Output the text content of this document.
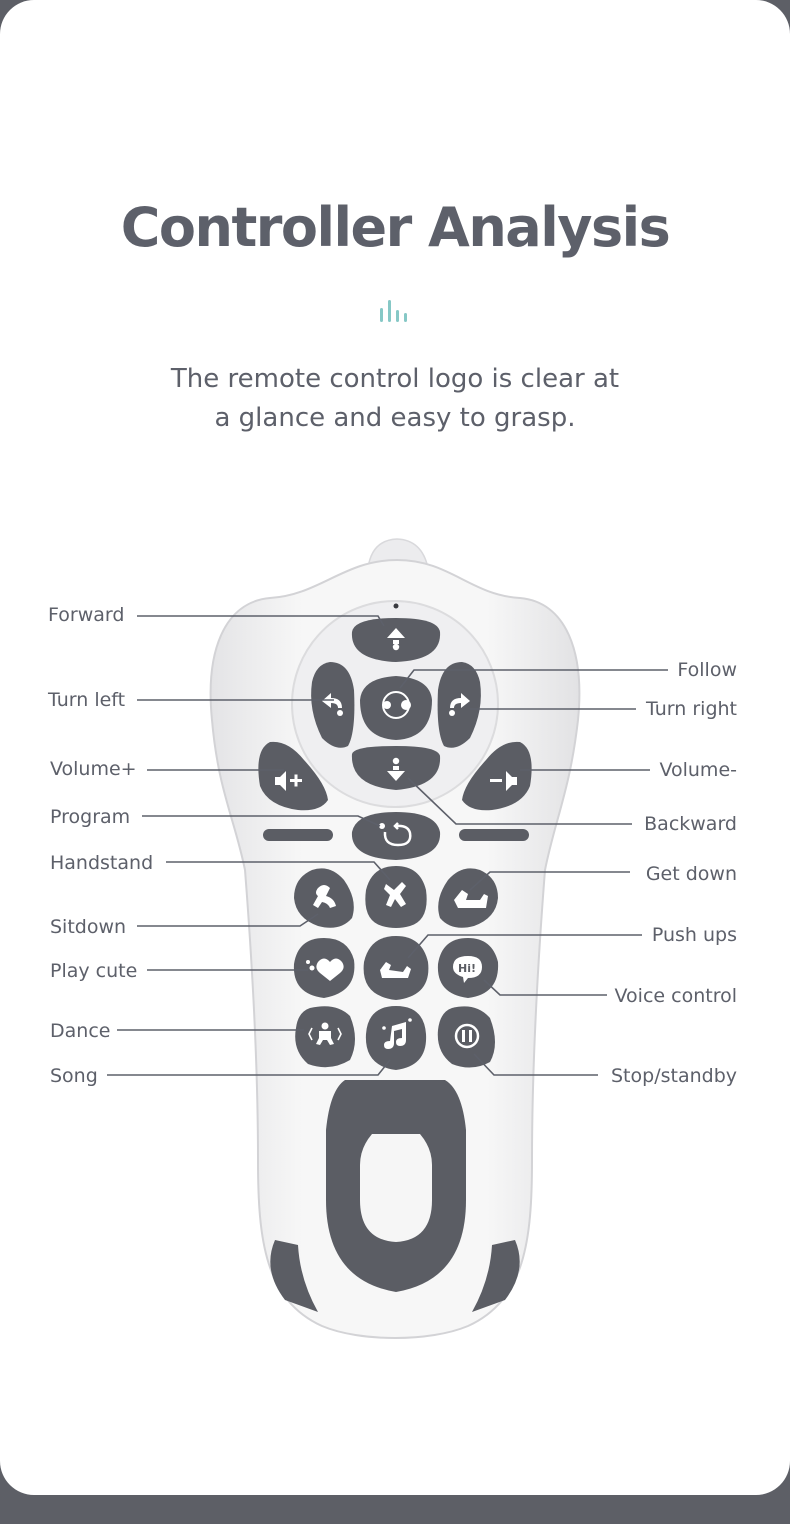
Controller Analysis
The remote control logo is clear at
a glance and easy to grasp.
Hi!
Forward
Turn left
Volume+
Program
Handstand
Sitdown
Play cute
Dance
Song
Follow
Turn right
Volume-
Backward
Get down
Push ups
Voice control
Stop/standby
